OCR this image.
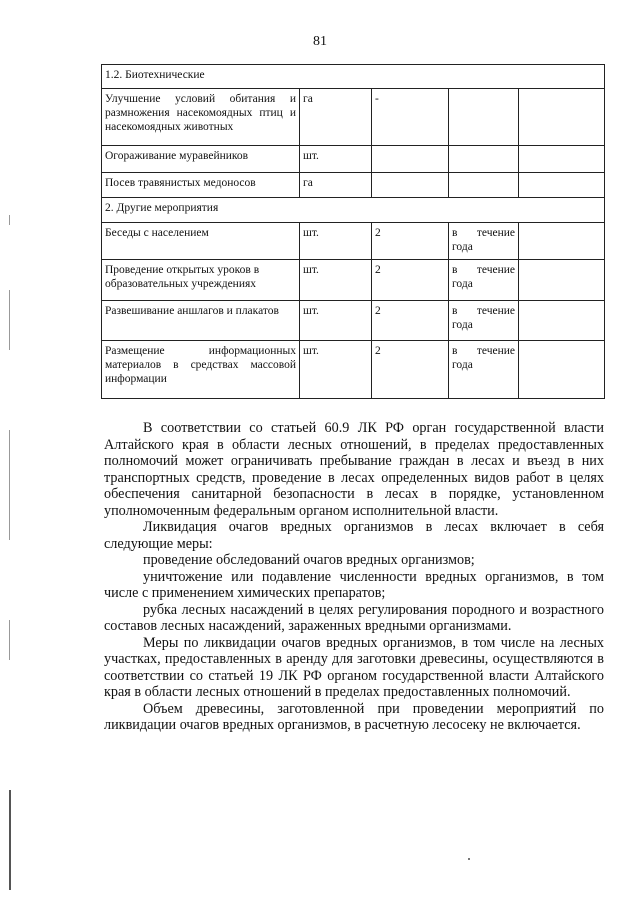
81
1.2. Биотехнические				
Улучшение условий обитания и размножения насекомоядных птиц и насекомоядных животных	га	-		
Огораживание муравейников	шт.			
Посев травянистых медоносов	га			
2. Другие мероприятия				
Беседы с населением	шт.	2	в течение года	
Проведение открытых уроков в образовательных учреждениях	шт.	2	в течение года	
Развешивание аншлагов и плакатов	шт.	2	в течение года	
Размещение информационных материалов в средствах массовой информации	шт.	2	в течение года	

В соответствии со статьей 60.9 ЛК РФ орган государственной власти Алтайского края в области лесных отношений, в пределах предоставленных полномочий может ограничивать пребывание граждан в лесах и въезд в них транспортных средств, проведение в лесах определенных видов работ в целях обеспечения санитарной безопасности в лесах в порядке, установленном уполномоченным федеральным органом исполнительной власти.

Ликвидация очагов вредных организмов в лесах включает в себя следующие меры:

проведение обследований очагов вредных организмов;

уничтожение или подавление численности вредных организмов, в том числе с применением химических препаратов;

рубка лесных насаждений в целях регулирования породного и возрастного составов лесных насаждений, зараженных вредными организмами.

Меры по ликвидации очагов вредных организмов, в том числе на лесных участках, предоставленных в аренду для заготовки древесины, осуществляются в соответствии со статьей 19 ЛК РФ органом государственной власти Алтайского края в области лесных отношений в пределах предоставленных полномочий.

Объем древесины, заготовленной при проведении мероприятий по ликвидации очагов вредных организмов, в расчетную лесосеку не включается.
